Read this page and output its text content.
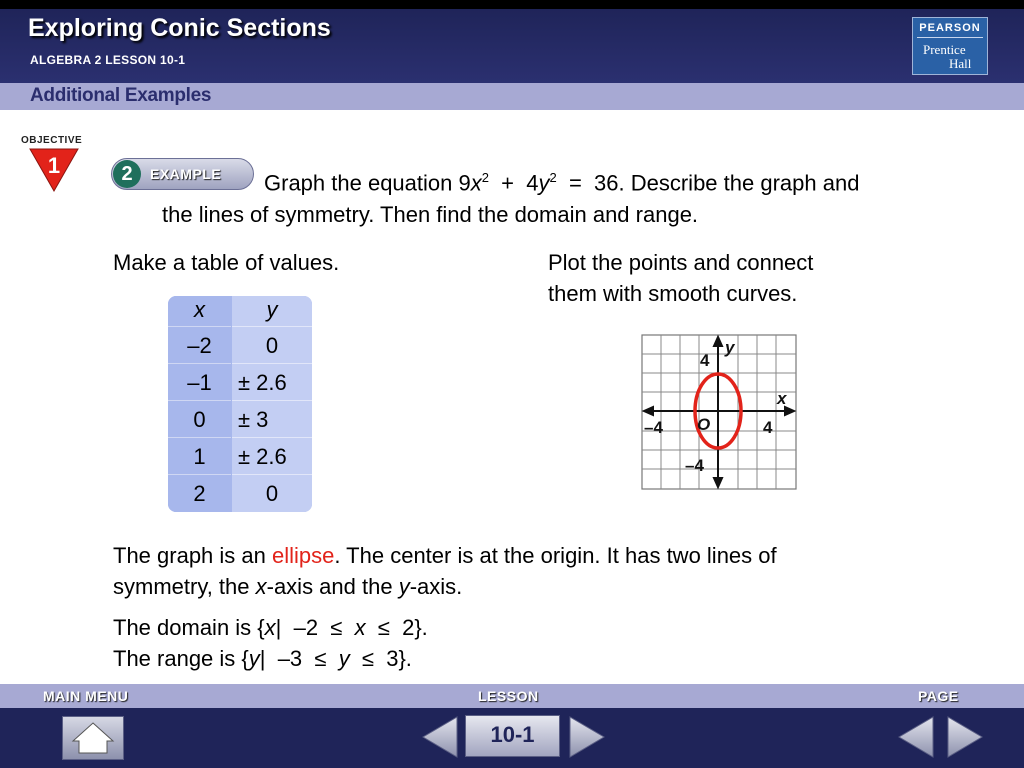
Exploring Conic Sections
ALGEBRA 2 LESSON 10-1
PEARSON
Prentice
Hall
Additional Examples
OBJECTIVE
1	2	EXAMPLE Graph the equation $9x^2 + 4y^2 = 36$. Describe the graph and
the lines of symmetry. Then find the domain and range.
Make a table of values.	Plot the points and connect
them with smooth curves.
x	y
–2	0
–1	± 2.6
0	± 3
1	± 2.6
2	0
y
x
O
–4	4
4
–4
The graph is an ellipse. The center is at the origin. It has two lines of
symmetry, the x-axis and the y-axis.
The domain is {x|  –2  ≤  x  ≤  2}.
The range is {y|  –3  ≤  y  ≤  3}.
MAIN MENU	LESSON	PAGE
10-1
